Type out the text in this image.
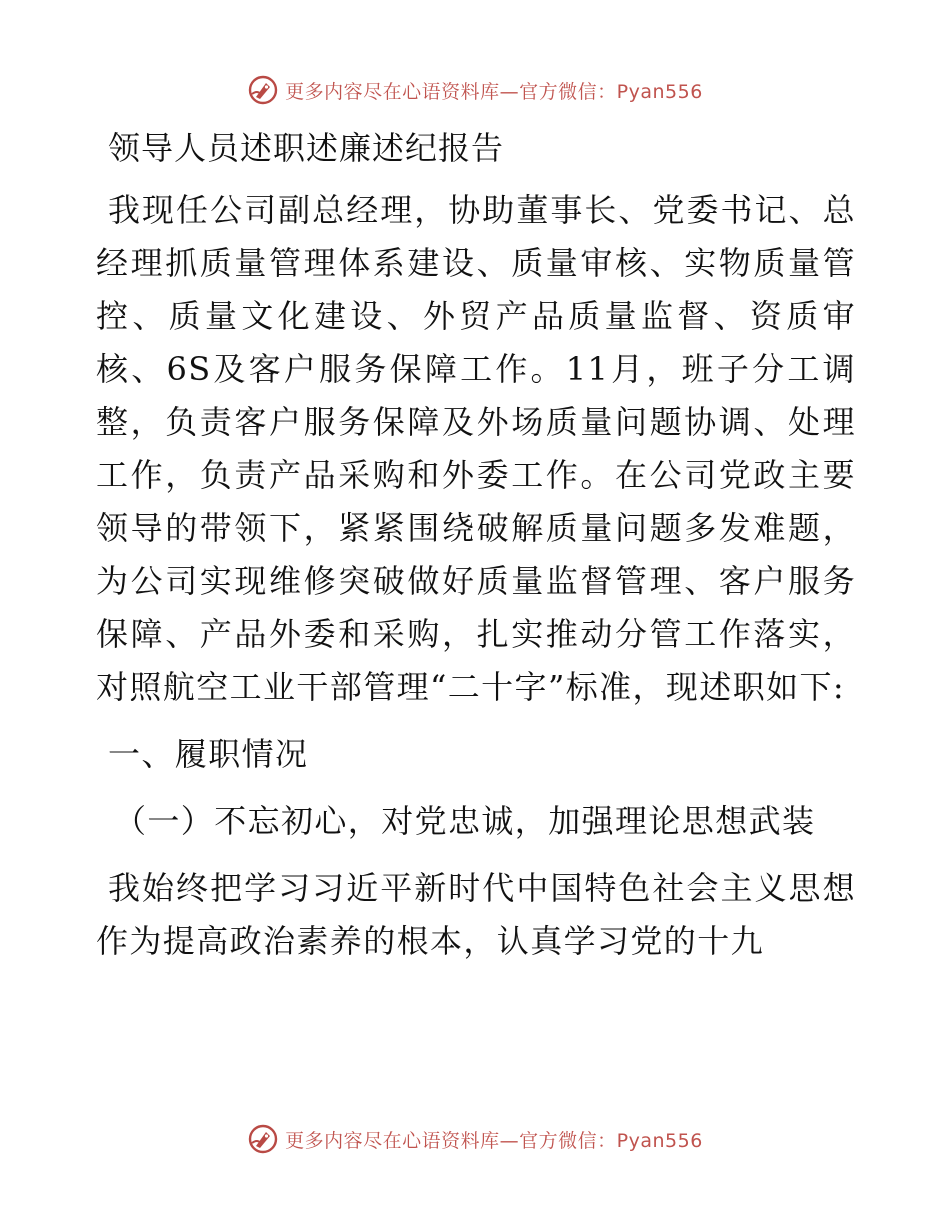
更多内容尽在心语资料库—官方微信：Pyan556
领导人员述职述廉述纪报告

我现任公司副总经理，协助董事长、党委书记、总经理抓质量管理体系建设、质量审核、实物质量管控、质量文化建设、外贸产品质量监督、资质审核、6S及客户服务保障工作。11月，班子分工调整，负责客户服务保障及外场质量问题协调、处理工作，负责产品采购和外委工作。在公司党政主要领导的带领下，紧紧围绕破解质量问题多发难题，为公司实现维修突破做好质量监督管理、客户服务保障、产品外委和采购，扎实推动分管工作落实，对照航空工业干部管理“二十字”标准，现述职如下:

一、履职情况
（一）不忘初心，对党忠诚，加强理论思想武装

我始终把学习习近平新时代中国特色社会主义思想作为提高政治素养的根本，认真学习党的十九

更多内容尽在心语资料库—官方微信：Pyan556
